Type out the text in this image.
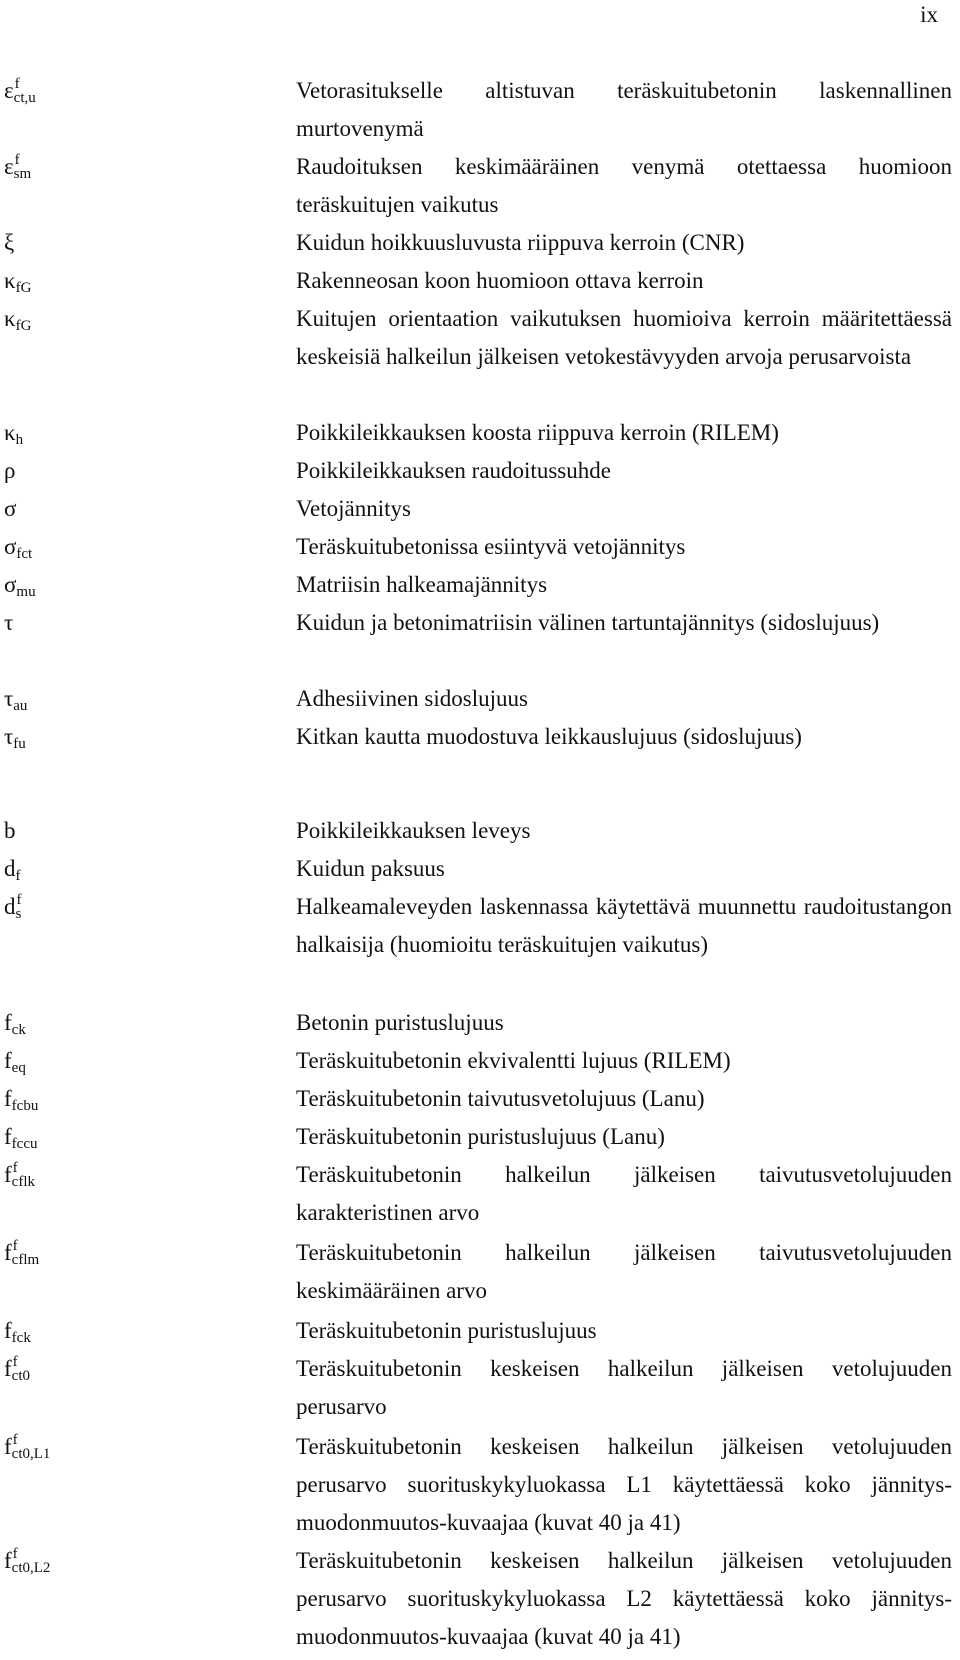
ix
$\varepsilon^f_{ct,u}$	Vetorasitukselle altistuvan teräskuitubetonin laskennallinen murtovenymä
$\varepsilon^f_{sm}$	Raudoituksen keskimääräinen venymä otettaessa huomioon teräskuitujen vaikutus
ξ	Kuidun hoikkuusluvusta riippuva kerroin (CNR)
$\kappa_{fG}$	Rakenneosan koon huomioon ottava kerroin
$\kappa_{fG}$	Kuitujen orientaation vaikutuksen huomioiva kerroin määritettäessä keskeisiä halkeilun jälkeisen vetokestävyyden arvoja perusarvoista
$\kappa_h$	Poikkileikkauksen koosta riippuva kerroin (RILEM)
ρ	Poikkileikkauksen raudoitussuhde
σ	Vetojännitys
$\sigma_{fct}$	Teräskuitubetonissa esiintyvä vetojännitys
$\sigma_{mu}$	Matriisin halkeamajännitys
τ	Kuidun ja betonimatriisin välinen tartuntajännitys (sidoslujuus)
$\tau_{au}$	Adhesiivinen sidoslujuus
$\tau_{fu}$	Kitkan kautta muodostuva leikkauslujuus (sidoslujuus)
b	Poikkileikkauksen leveys
$d_f$	Kuidun paksuus
$d^f_s$	Halkeamaleveyden laskennassa käytettävä muunnettu raudoitustangon halkaisija (huomioitu teräskuitujen vaikutus)
$f_{ck}$	Betonin puristuslujuus
$f_{eq}$	Teräskuitubetonin ekvivalentti lujuus (RILEM)
$f_{fcbu}$	Teräskuitubetonin taivutusvetolujuus (Lanu)
$f_{fccu}$	Teräskuitubetonin puristuslujuus (Lanu)
$f^f_{cflk}$	Teräskuitubetonin halkeilun jälkeisen taivutusvetolujuuden karakteristinen arvo
$f^f_{cflm}$	Teräskuitubetonin halkeilun jälkeisen taivutusvetolujuuden keskimääräinen arvo
$f_{fck}$	Teräskuitubetonin puristuslujuus
$f^f_{ct0}$	Teräskuitubetonin keskeisen halkeilun jälkeisen vetolujuuden perusarvo
$f^f_{ct0,L1}$	Teräskuitubetonin keskeisen halkeilun jälkeisen vetolujuuden perusarvo suorituskykyluokassa L1 käytettäessä koko jännitys-muodonmuutos-kuvaajaa (kuvat 40 ja 41)
$f^f_{ct0,L2}$	Teräskuitubetonin keskeisen halkeilun jälkeisen vetolujuuden perusarvo suorituskykyluokassa L2 käytettäessä koko jännitys-muodonmuutos-kuvaajaa (kuvat 40 ja 41)
